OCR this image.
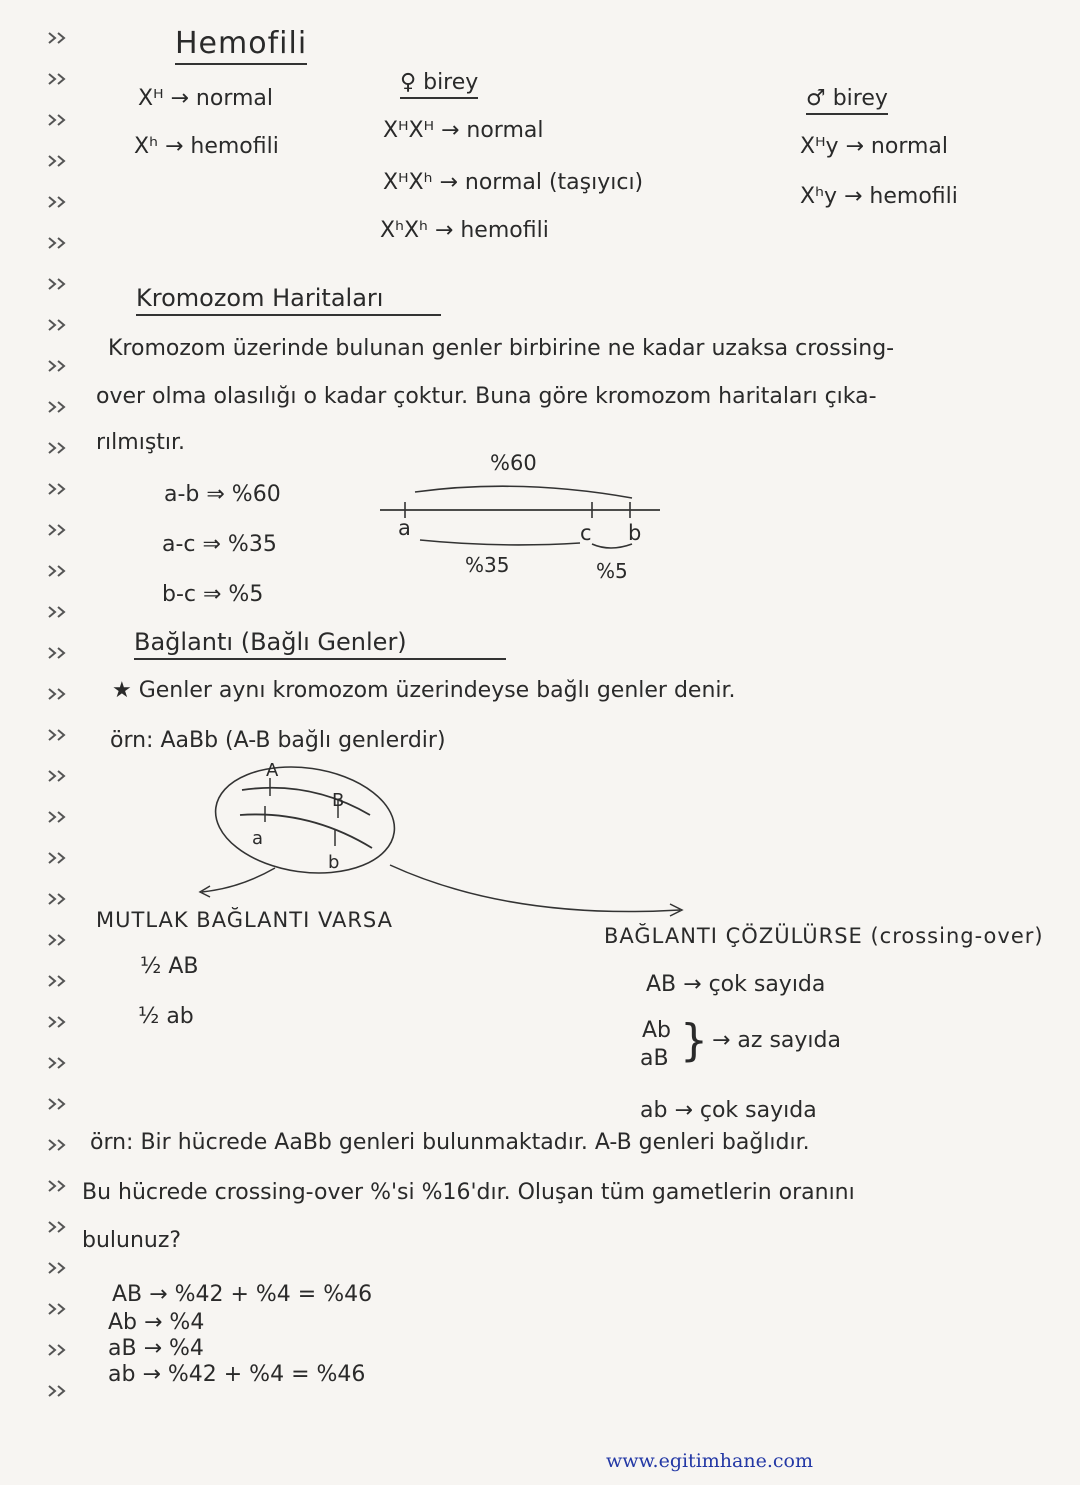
Hemofili
Xᴴ → normal
Xʰ → hemofili
♀ birey
XᴴXᴴ → normal
XᴴXʰ → normal (taşıyıcı)
XʰXʰ → hemofili
♂ birey
Xᴴy → normal
Xʰy → hemofili
Kromozom Haritaları
Kromozom üzerinde bulunan genler birbirine ne kadar uzaksa crossing-
over olma olasılığı o kadar çoktur. Buna göre kromozom haritaları çıka-
rılmıştır.
a-b ⇒ %60
a-c ⇒ %35
b-c ⇒ %5
%60
a	c b
%35	%5
Bağlantı (Bağlı Genler)
★ Genler aynı kromozom üzerindeyse bağlı genler denir.
örn: AaBb (A-B bağlı genlerdir)
A
B
a
b
MUTLAK BAĞLANTI VARSA
½ AB
½ ab
BAĞLANTI ÇÖZÜLÜRSE (crossing-over)
AB → çok sayıda
Ab
aB } → az sayıda
ab → çok sayıda
örn: Bir hücrede AaBb genleri bulunmaktadır. A-B genleri bağlıdır.
Bu hücrede crossing-over %'si %16'dır. Oluşan tüm gametlerin oranını
bulunuz?
AB → %42 + %4 = %46
Ab → %4
aB → %4
ab → %42 + %4 = %46
www.egitimhane.com
